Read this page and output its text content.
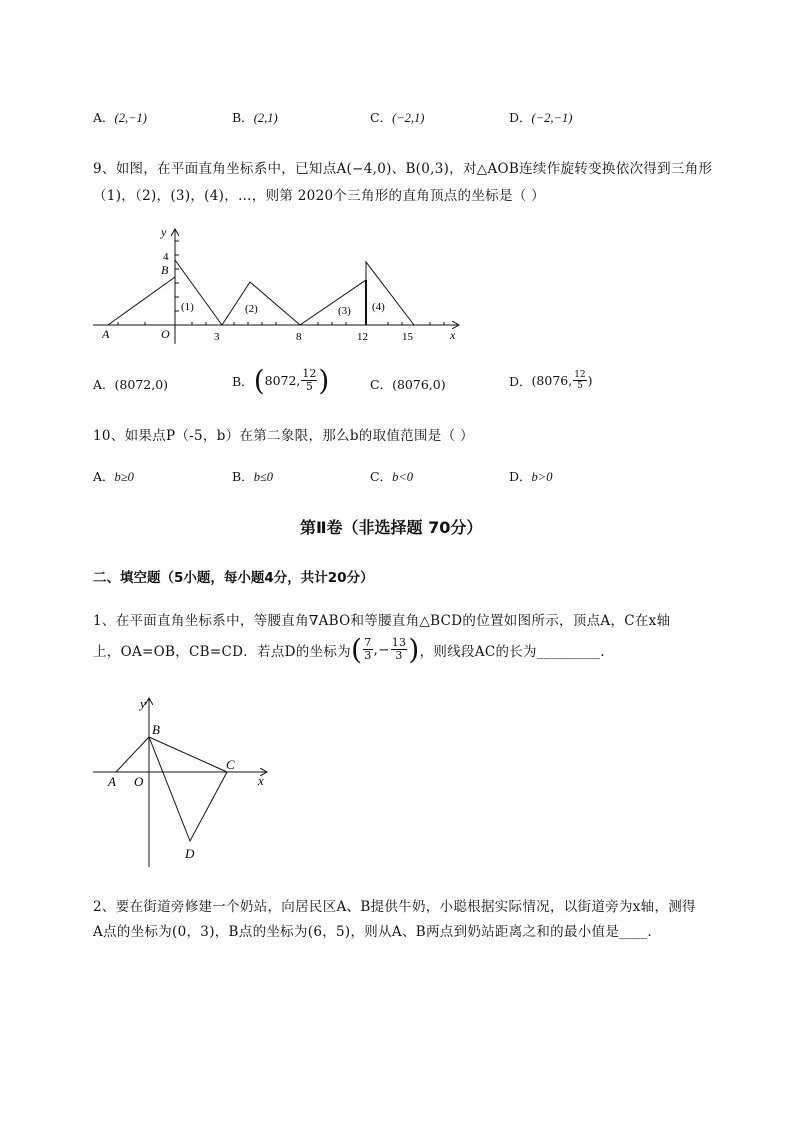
A．(2,−1)	B．(2,1)	C．(−2,1)	D．(−2,−1)
9、如图，在平面直角坐标系中，已知点A(−4,0)、B(0,3)，对△AOB连续作旋转变换依次得到三角形
（1)，（2)，(3)，(4)，…，则第 2020个三角形的直角顶点的坐标是（ ）
y
x
4
B
A	O	3	8	12	15
(1)	(2)	(3) (4)
A．(8072,0)	B． ( 8072, $\frac{12}{5}$ )	C．(8076,0)	D． (8076, $\frac{12}{5}$ )
10、如果点P（-5，b）在第二象限，那么b的取值范围是（ ）
A．b≥0	B．b≤0	C．b<0	D．b>0
第Ⅱ卷（非选择题 70分）
二、填空题（5小题，每小题4分，共计20分）
1、在平面直角坐标系中，等腰直角∇ABO和等腰直角△BCD的位置如图所示，顶点A，C在x轴
上，OA=OB，CB=CD．若点D的坐标为 ( $\frac{7}{3}$ , − $\frac{13}{3}$ ) ，则线段AC的长为_________.
y
x
B
A O
C
D
2、要在街道旁修建一个奶站，向居民区A、B提供牛奶，小聪根据实际情况，以街道旁为x轴，测得
A点的坐标为(0，3)，B点的坐标为(6，5)，则从A、B两点到奶站距离之和的最小值是____.
